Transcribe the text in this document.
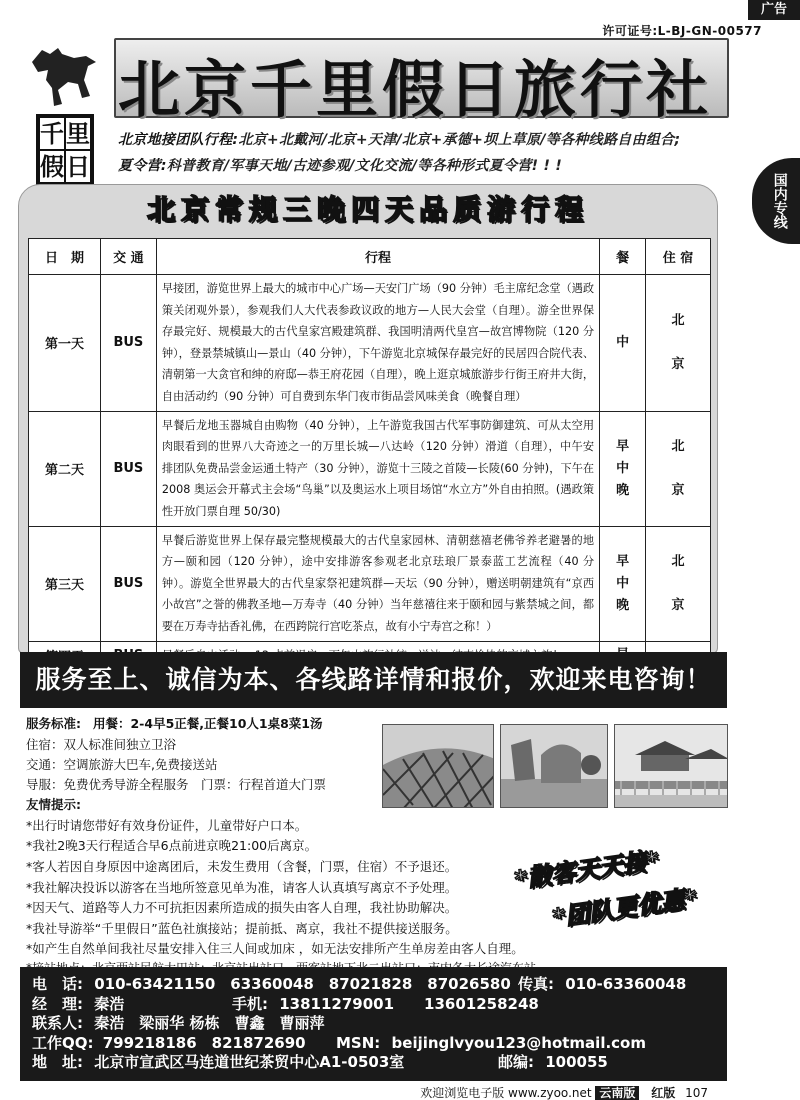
广告
许可证号:L-BJ-GN-00577
千 里
假 日
北京千里假日旅行社
北京地接团队行程:北京+北戴河/北京+天津/北京+承德+坝上草原/等各种线路自由组合;
夏令营:科普教育/军事天地/古迹参观/文化交流/等各种形式夏令营! ! !
国内专线
北京常规三晚四天品质游行程
日　期	交 通	行程	餐	住 宿
第一天	BUS	早接团，游览世界上最大的城市中心广场—天安门广场（90 分钟）毛主席纪念堂（遇政策关闭观外景），参观我们人大代表参政议政的地方—人民大会堂（自理）。游全世界保存最完好、规模最大的古代皇家宫殿建筑群、我国明清两代皇宫—故宫博物院（120 分钟），登景禁城镇山—景山（40 分钟），下午游览北京城保存最完好的民居四合院代表、清朝第一大贪官和绅的府邸—恭王府花园（自理），晚上逛京城旅游步行街王府井大街，自由活动约（90 分钟）可自费到东华门夜市街品尝风味美食（晚餐自理）	中	北

京
第二天	BUS	早餐后龙地玉器城自由购物（40 分钟），上午游览我国古代军事防御建筑、可从太空用肉眼看到的世界八大奇迹之一的万里长城—八达岭（120 分钟）滑道（自理），中午安排团队免费品尝金运通土特产（30 分钟），游览十三陵之首陵—长陵(60 分钟)，下午在 2008 奥运会开幕式主会场“鸟巢”以及奥运水上项目场馆“水立方”外自由拍照。(遇政策性开放门票自理 50/30)	早
中
晚	北

京
第三天	BUS	早餐后游览世界上保存最完整规模最大的古代皇家园林、清朝慈禧老佛爷养老避暑的地方—颐和园（120 分钟），途中安排游客参观老北京珐琅厂景泰蓝工艺流程（40 分钟）。游览全世界最大的古代皇家祭祀建筑群—天坛（90 分钟），赠送明朝建筑有“京西小故宫”之誉的佛教圣地—万寿寺（40 分钟）当年慈禧往来于颐和园与紫禁城之间，都要在万寿寺拈香礼佛，在西跨院行宫吃茶点，故有小宁寿宫之称！）	早
中
晚	北

京

服务至上、诚信为本、各线路详情和报价，欢迎来电咨询！
服务标准: 用餐：2-4早5正餐,正餐10人1桌8菜1汤
住宿：双人标准间独立卫浴
交通：空调旅游大巴车,免费接送站
导服：免费优秀导游全程服务　门票：行程首道大门票
友情提示:
*出行时请您带好有效身份证件，儿童带好户口本。
*我社2晚3天行程适合早6点前进京晚21:00后离京。
*客人若因自身原因中途离团后，未发生费用（含餐，门票，住宿）不予退还。
*我社解决投诉以游客在当地所签意见单为准，请客人认真填写离京不予处理。
*因天气、道路等人力不可抗拒因素所造成的损失由客人自理，我社协助解决。
*我社导游举“千里假日”蓝色社旗接站；提前抵、离京，我社不提供接送服务。
*如产生自然单间我社尽量安排入住三人间或加床 ，如无法安排所产生单房差由客人自理。
*散客天天接*
*团队更优惠*
电　话: 010-63421150　63360048　87021828　87026580 传真: 010-63360048
经　理: 秦浩	手机: 13811279001　　13601258248
联系人: 秦浩　梁丽华 杨栋　曹鑫　曹丽萍
工作QQ: 799218186　821872690 MSN: beijinglvyou123@hotmail.com
地　址: 北京市宣武区马连道世纪茶贸中心A1-0503室	邮编: 100055
欢迎浏览电子版 www.zyoo.net 云南版 红版 107
